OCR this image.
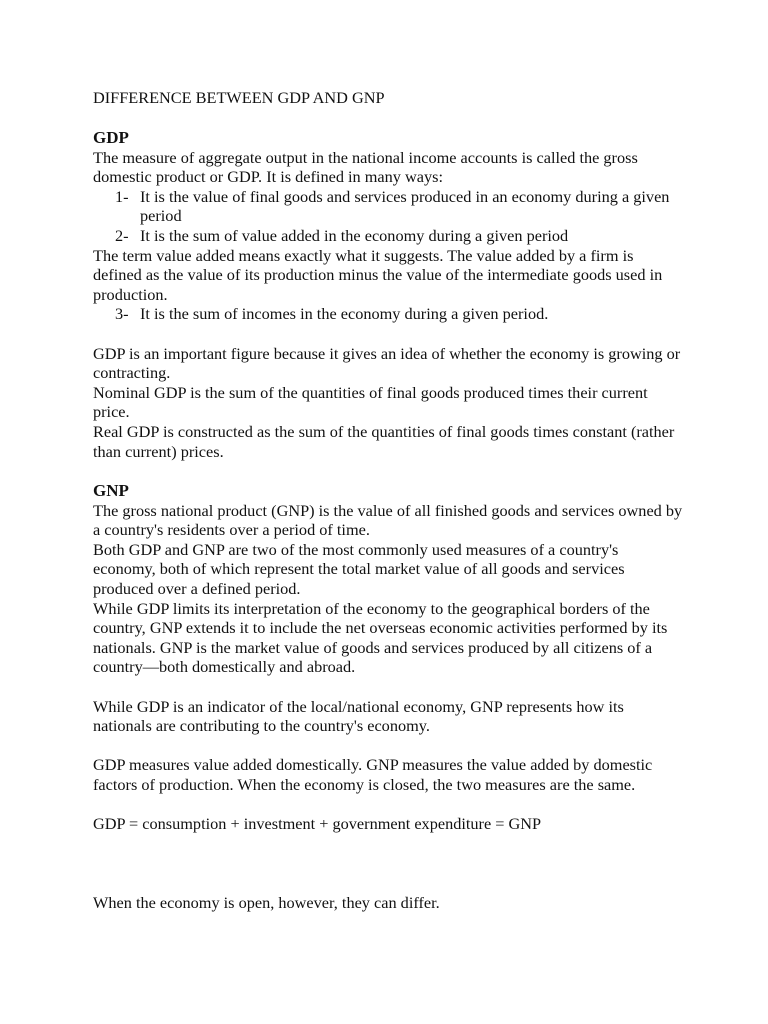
DIFFERENCE BETWEEN GDP AND GNP
GDP

The measure of aggregate output in the national income accounts is called the gross domestic product or GDP. It is defined in many ways:

1- It is the value of final goods and services produced in an economy during a given period
2- It is the sum of value added in the economy during a given period

The term value added means exactly what it suggests. The value added by a firm is defined as the value of its production minus the value of the intermediate goods used in production.

3- It is the sum of incomes in the economy during a given period.

GDP is an important figure because it gives an idea of whether the economy is growing or contracting.

Nominal GDP is the sum of the quantities of final goods produced times their current price.

Real GDP is constructed as the sum of the quantities of final goods times constant (rather than current) prices.

GNP

The gross national product (GNP) is the value of all finished goods and services owned by a country's residents over a period of time.

Both GDP and GNP are two of the most commonly used measures of a country's economy, both of which represent the total market value of all goods and services produced over a defined period.

While GDP limits its interpretation of the economy to the geographical borders of the country, GNP extends it to include the net overseas economic activities performed by its nationals. GNP is the market value of goods and services produced by all citizens of a country—both domestically and abroad.

While GDP is an indicator of the local/national economy, GNP represents how its nationals are contributing to the country's economy.

GDP measures value added domestically. GNP measures the value added by domestic factors of production. When the economy is closed, the two measures are the same.

GDP = consumption + investment + government expenditure = GNP

When the economy is open, however, they can differ.
